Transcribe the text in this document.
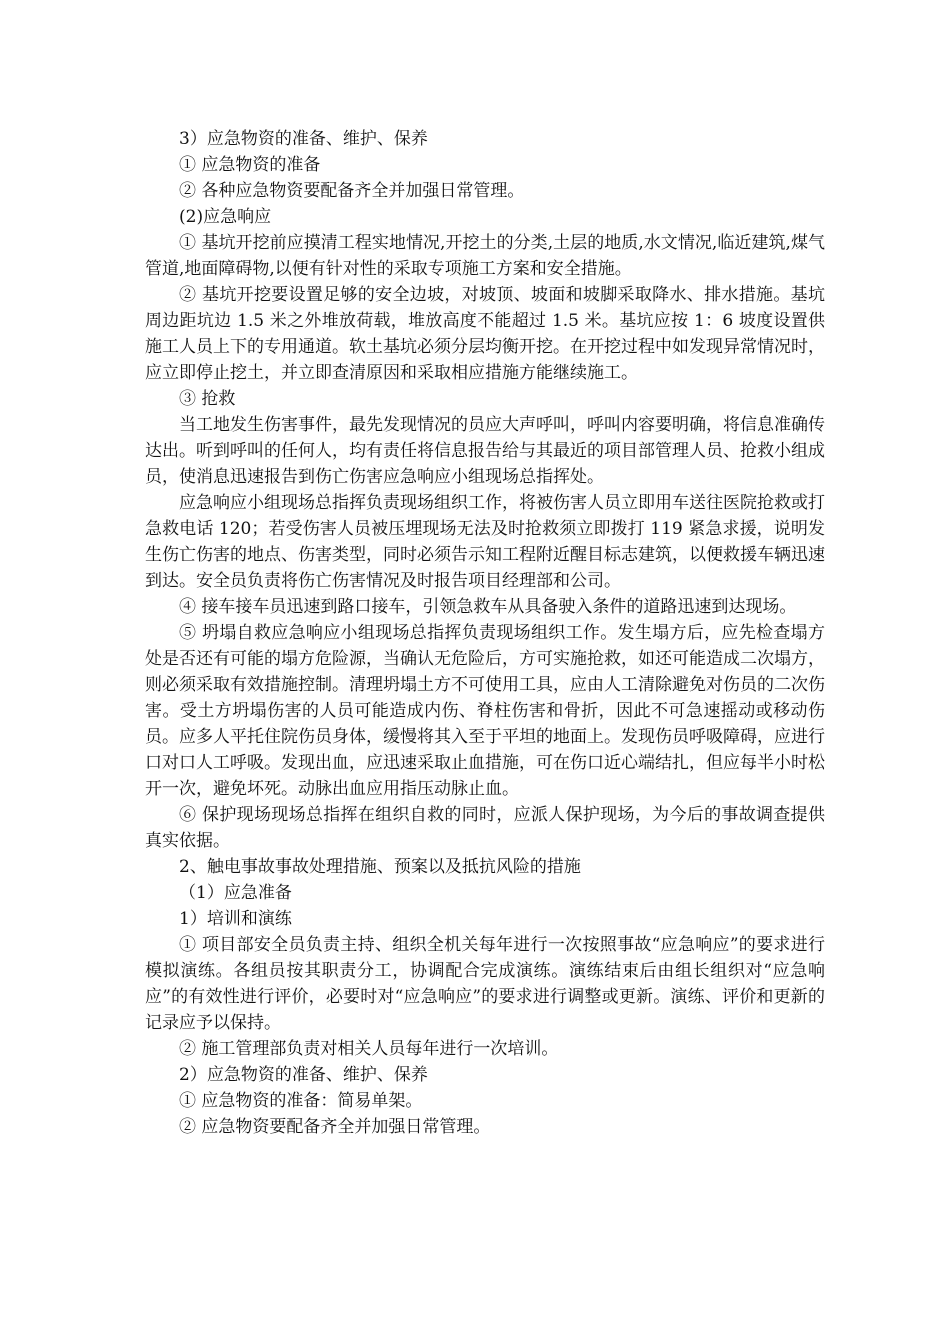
3）应急物资的准备、维护、保养

① 应急物资的准备

② 各种应急物资要配备齐全并加强日常管理。

(2)应急响应

① 基坑开挖前应摸清工程实地情况,开挖土的分类,土层的地质,水文情况,临近建筑,煤气管道,地面障碍物,以便有针对性的采取专项施工方案和安全措施。

② 基坑开挖要设置足够的安全边坡，对坡顶、坡面和坡脚采取降水、排水措施。基坑周边距坑边 1.5 米之外堆放荷载，堆放高度不能超过 1.5 米。基坑应按 1：6 坡度设置供施工人员上下的专用通道。软土基坑必须分层均衡开挖。在开挖过程中如发现异常情况时，应立即停止挖土，并立即查清原因和采取相应措施方能继续施工。

③ 抢救

当工地发生伤害事件，最先发现情况的员应大声呼叫，呼叫内容要明确，将信息准确传达出。听到呼叫的任何人，均有责任将信息报告给与其最近的项目部管理人员、抢救小组成员，使消息迅速报告到伤亡伤害应急响应小组现场总指挥处。

应急响应小组现场总指挥负责现场组织工作，将被伤害人员立即用车送往医院抢救或打急救电话 120；若受伤害人员被压埋现场无法及时抢救须立即拨打 119 紧急求援，说明发生伤亡伤害的地点、伤害类型，同时必须告示知工程附近醒目标志建筑，以便救援车辆迅速到达。安全员负责将伤亡伤害情况及时报告项目经理部和公司。

④ 接车接车员迅速到路口接车，引领急救车从具备驶入条件的道路迅速到达现场。

⑤ 坍塌自救应急响应小组现场总指挥负责现场组织工作。发生塌方后，应先检查塌方处是否还有可能的塌方危险源，当确认无危险后，方可实施抢救，如还可能造成二次塌方，则必须采取有效措施控制。清理坍塌土方不可使用工具，应由人工清除避免对伤员的二次伤害。受土方坍塌伤害的人员可能造成内伤、脊柱伤害和骨折，因此不可急速摇动或移动伤员。应多人平托住院伤员身体，缓慢将其入至于平坦的地面上。发现伤员呼吸障碍，应进行口对口人工呼吸。发现出血，应迅速采取止血措施，可在伤口近心端结扎，但应每半小时松开一次，避免坏死。动脉出血应用指压动脉止血。

⑥ 保护现场现场总指挥在组织自救的同时，应派人保护现场，为今后的事故调查提供真实依据。

2、触电事故事故处理措施、预案以及抵抗风险的措施

（1）应急准备

1）培训和演练

① 项目部安全员负责主持、组织全机关每年进行一次按照事故“应急响应”的要求进行模拟演练。各组员按其职责分工，协调配合完成演练。演练结束后由组长组织对“应急响应”的有效性进行评价，必要时对“应急响应”的要求进行调整或更新。演练、评价和更新的记录应予以保持。

② 施工管理部负责对相关人员每年进行一次培训。

2）应急物资的准备、维护、保养

① 应急物资的准备：简易单架。

② 应急物资要配备齐全并加强日常管理。
